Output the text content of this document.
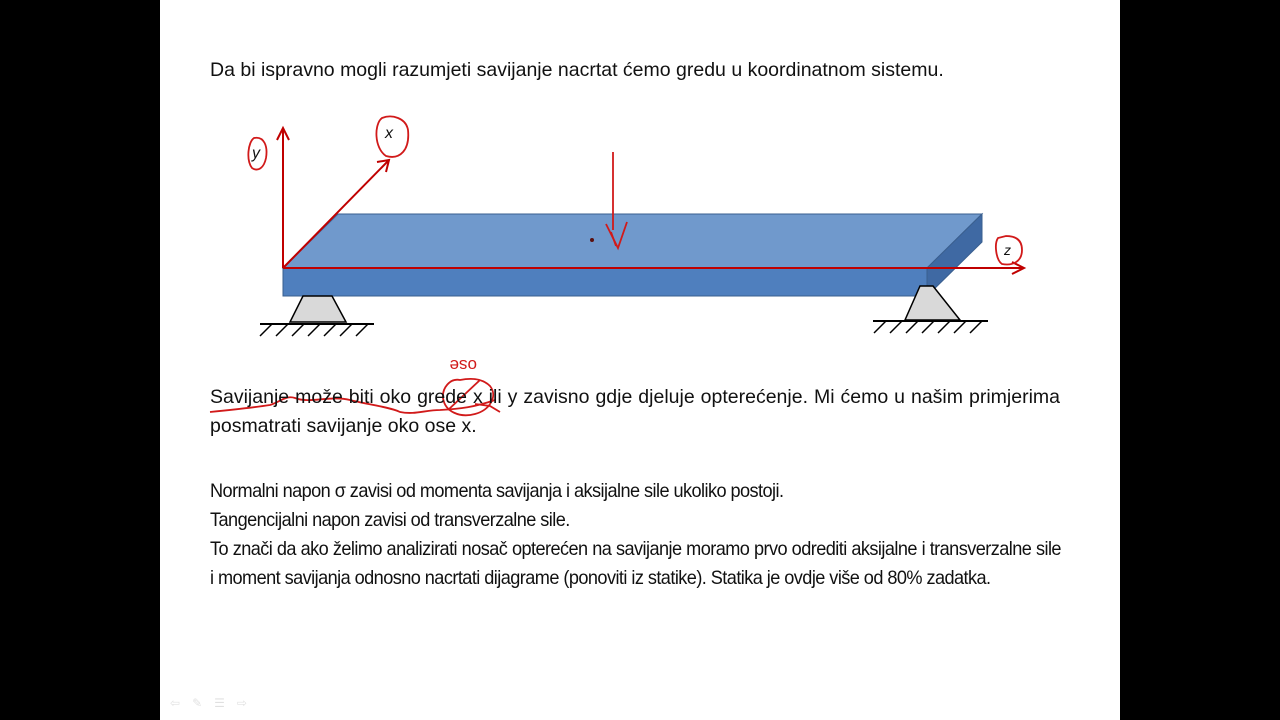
Da bi ispravno mogli razumjeti savijanje nacrtat ćemo gredu u koordinatnom sistemu.
y
x
z
ose
Savijanje može biti oko grede x ili y zavisno gdje djeluje opterećenje. Mi ćemo u našim primjerima posmatrati savijanje oko ose x.
Normalni napon σ zavisi od momenta savijanja i aksijalne sile ukoliko postoji.
Tangencijalni napon zavisi od transverzalne sile.
To znači da ako želimo analizirati nosač opterećen na savijanje moramo prvo odrediti aksijalne i transverzalne sile i moment savijanja odnosno nacrtati dijagrame (ponoviti iz statike). Statika je ovdje više od 80% zadatka.
⇦ ✎ ☰ ⇨
